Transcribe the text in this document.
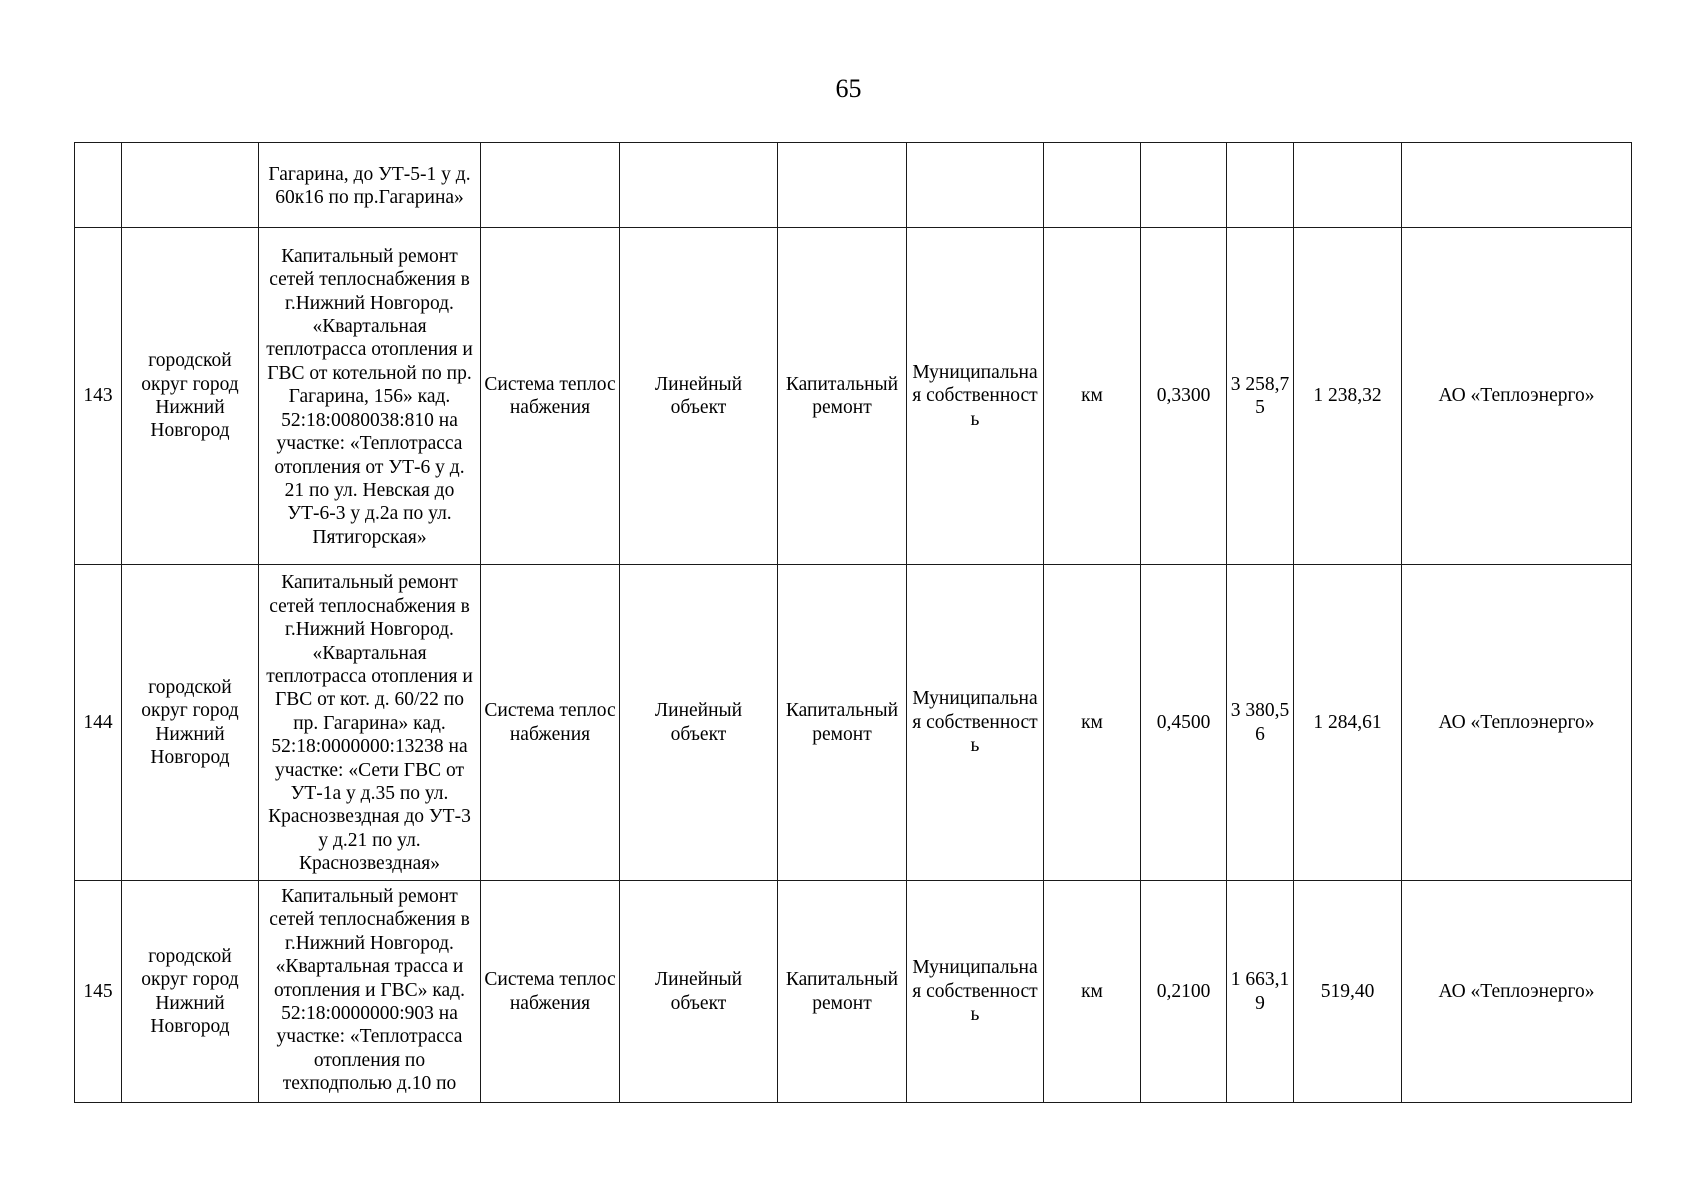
65
		Гагарина, до УТ-5-1 у д. 60к16 по пр.Гагарина»									
143	городской округ город Нижний Новгород	Капитальный ремонт сетей теплоснабжения в г.Нижний Новгород. «Квартальная теплотрасса отопления и ГВС от котельной по пр. Гагарина, 156» кад. 52:18:0080038:810 на участке: «Теплотрасса отопления от УТ-6 у д. 21 по ул. Невская до УТ-6-3 у д.2а по ул. Пятигорская»	Система теплоснабжения	Линейный объект	Капитальный ремонт	Муниципальная собственность	км	0,3300	3 258,75	1 238,32	АО «Теплоэнерго»
144	городской округ город Нижний Новгород	Капитальный ремонт сетей теплоснабжения в г.Нижний Новгород. «Квартальная теплотрасса отопления и ГВС от кот. д. 60/22 по пр. Гагарина» кад. 52:18:0000000:13238 на участке: «Сети ГВС от УТ-1а у д.35 по ул. Краснозвездная до УТ-3 у д.21 по ул. Краснозвездная»	Система теплоснабжения	Линейный объект	Капитальный ремонт	Муниципальная собственность	км	0,4500	3 380,56	1 284,61	АО «Теплоэнерго»
145	городской округ город Нижний Новгород	Капитальный ремонт сетей теплоснабжения в г.Нижний Новгород. «Квартальная трасса и отопления и ГВС» кад. 52:18:0000000:903 на участке: «Теплотрасса отопления по техподполью д.10 по	Система теплоснабжения	Линейный объект	Капитальный ремонт	Муниципальная собственность	км	0,2100	1 663,19	519,40	АО «Теплоэнерго»
